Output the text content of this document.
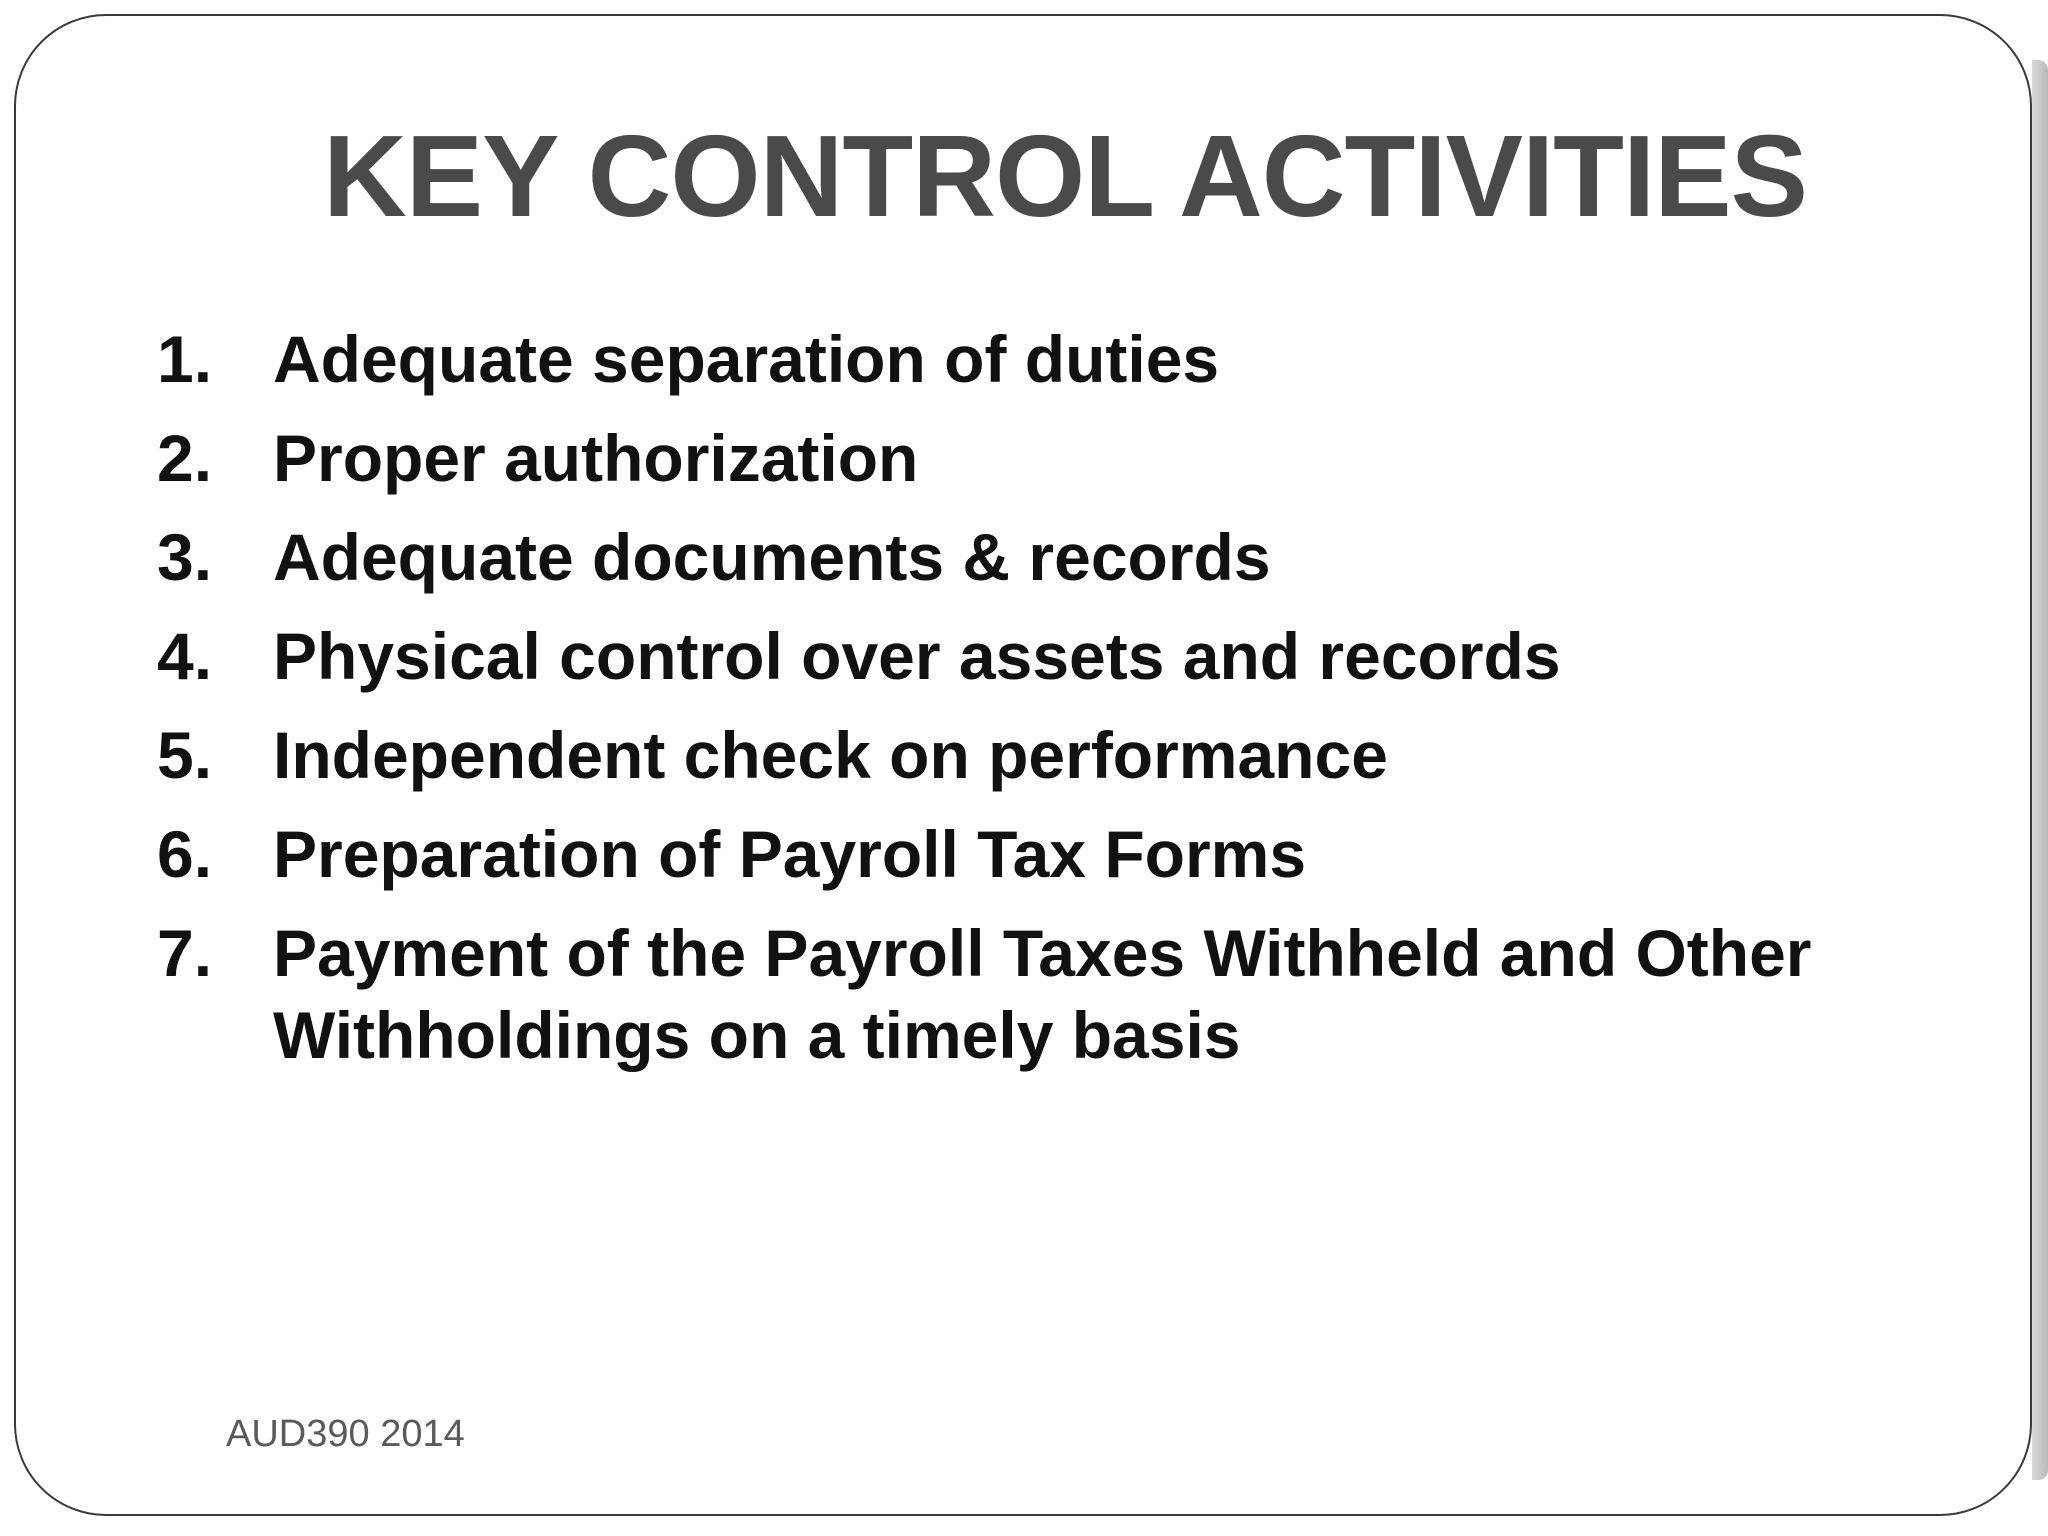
KEY CONTROL ACTIVITIES
1. Adequate separation of duties
2. Proper authorization
3. Adequate documents & records
4. Physical control over assets and records
5. Independent check on performance
6. Preparation of Payroll Tax Forms
7. Payment of the Payroll Taxes Withheld and Other Withholdings on a timely basis
AUD390 2014
